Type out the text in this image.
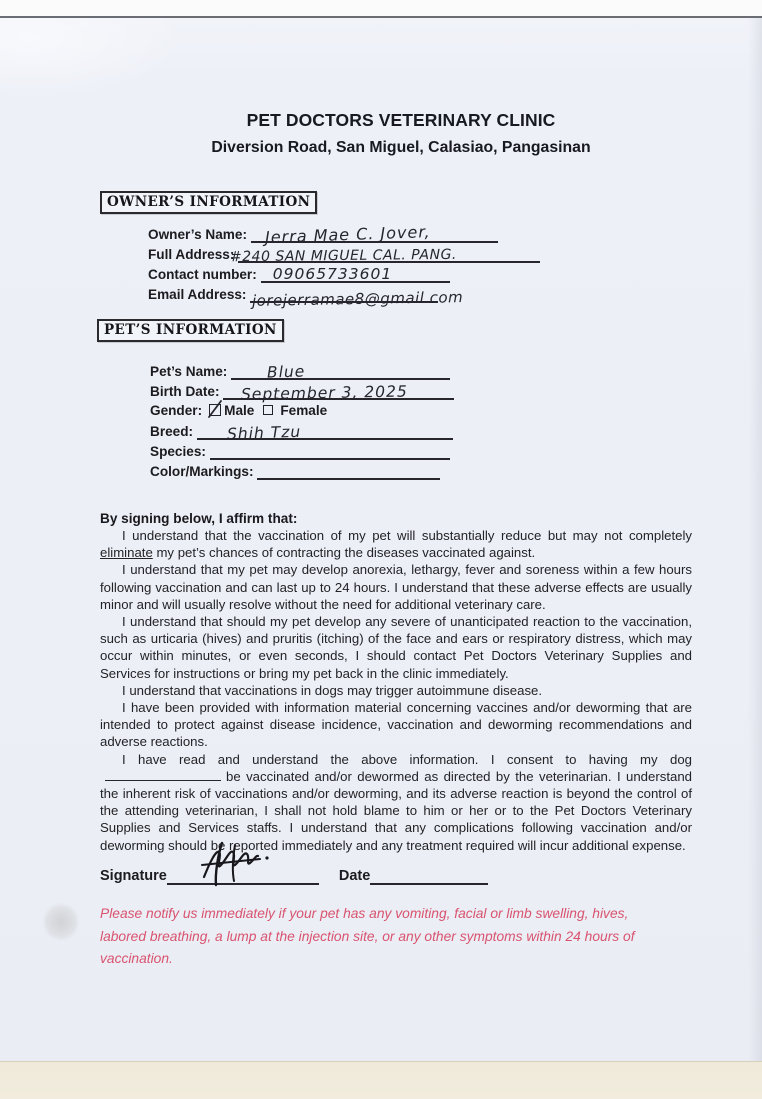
PET DOCTORS VETERINARY CLINIC
Diversion Road, San Miguel, Calasiao, Pangasinan
OWNER’S INFORMATION
Owner’s Name: Jerra Mae C. Jover,
Full Address:
#240 SAN MIGUEL CAL. PANG.
Contact number: 09065733601
Email Address: jorejerramae8@gmail.com
PET’S INFORMATION
Pet’s Name:	Blue
Birth Date: September 3, 2025
Gender: Male Female
Breed: Shih Tzu
Species:
Color/Markings:
By signing below, I affirm that:

I understand that the vaccination of my pet will substantially reduce but may not completely eliminate my pet’s chances of contracting the diseases vaccinated against.

I understand that my pet may develop anorexia, lethargy, fever and soreness within a few hours following vaccination and can last up to 24 hours. I understand that these adverse effects are usually minor and will usually resolve without the need for additional veterinary care.

I understand that should my pet develop any severe of unanticipated reaction to the vaccination, such as urticaria (hives) and pruritis (itching) of the face and ears or respiratory distress, which may occur within minutes, or even seconds, I should contact Pet Doctors Veterinary Supplies and Services for instructions or bring my pet back in the clinic immediately.

I understand that vaccinations in dogs may trigger autoimmune disease.

I have been provided with information material concerning vaccines and/or deworming that are intended to protect against disease incidence, vaccination and deworming recommendations and adverse reactions.

I have read and understand the above information. I consent to having my dog
be vaccinated and/or dewormed as directed by the veterinarian. I understand the inherent risk of vaccinations and/or deworming, and its adverse reaction is beyond the control of the attending veterinarian, I shall not hold blame to him or her or to the Pet Doctors Veterinary Supplies and Services staffs. I understand that any complications following vaccination and/or deworming should be reported immediately and any treatment required will incur additional expense.

Signature	Date
Please notify us immediately if your pet has any vomiting, facial or limb swelling, hives, labored breathing, a lump at the injection site, or any other symptoms within 24 hours of vaccination.
